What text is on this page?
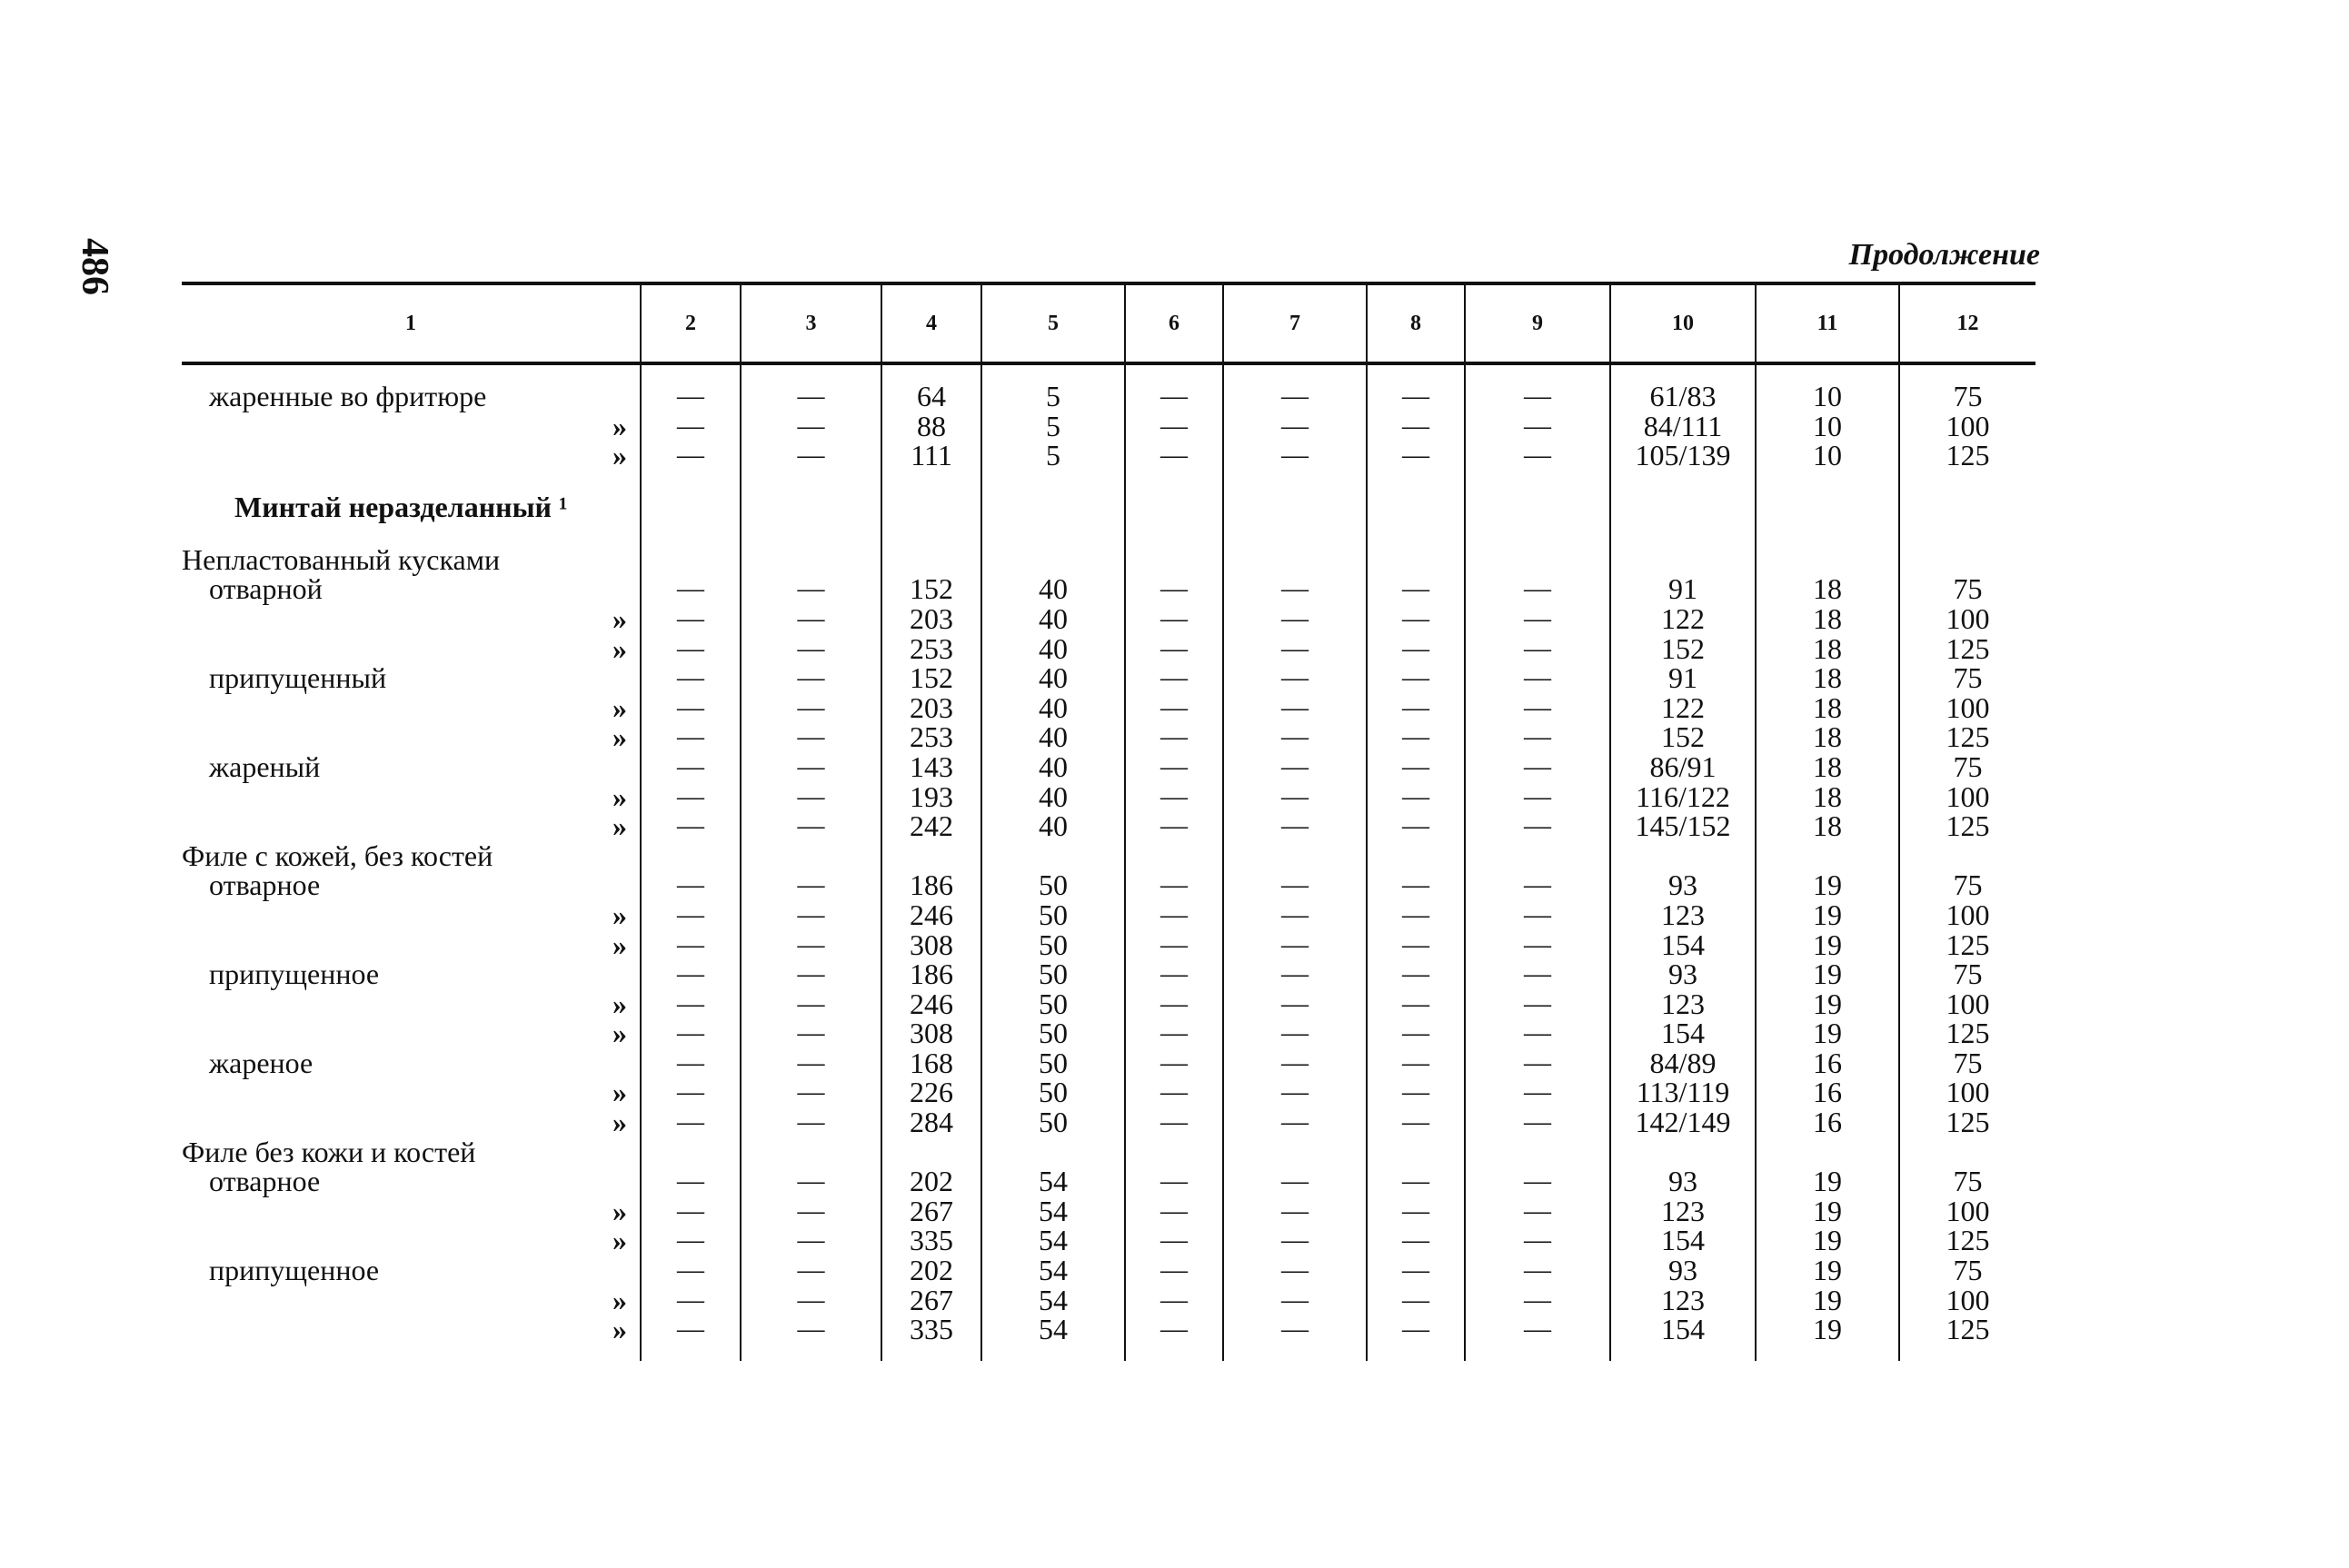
486	Продолжение
1	2	3	4	5	6	7	8	9	10	11	12

жаренные во фритюре	—	—	64	5	—	—	—	—	61/83	10	75
»	—	—	88	5	—	—	—	—	84/111	10	100
»	—	—	111	5	—	—	—	—	105/139	10	125

Минтай неразделанный ¹											

Непластованный кусками											
отварной	—	—	152	40	—	—	—	—	91	18	75
»	—	—	203	40	—	—	—	—	122	18	100
»	—	—	253	40	—	—	—	—	152	18	125
припущенный	—	—	152	40	—	—	—	—	91	18	75
»	—	—	203	40	—	—	—	—	122	18	100
»	—	—	253	40	—	—	—	—	152	18	125
жареный	—	—	143	40	—	—	—	—	86/91	18	75
»	—	—	193	40	—	—	—	—	116/122	18	100
»	—	—	242	40	—	—	—	—	145/152	18	125
Филе с кожей, без костей											
отварное	—	—	186	50	—	—	—	—	93	19	75
»	—	—	246	50	—	—	—	—	123	19	100
»	—	—	308	50	—	—	—	—	154	19	125
припущенное	—	—	186	50	—	—	—	—	93	19	75
»	—	—	246	50	—	—	—	—	123	19	100
»	—	—	308	50	—	—	—	—	154	19	125
жареное	—	—	168	50	—	—	—	—	84/89	16	75
»	—	—	226	50	—	—	—	—	113/119	16	100
»	—	—	284	50	—	—	—	—	142/149	16	125
Филе без кожи и костей											
отварное	—	—	202	54	—	—	—	—	93	19	75
»	—	—	267	54	—	—	—	—	123	19	100
»	—	—	335	54	—	—	—	—	154	19	125
припущенное	—	—	202	54	—	—	—	—	93	19	75
»	—	—	267	54	—	—	—	—	123	19	100
»	—	—	335	54	—	—	—	—	154	19	125
